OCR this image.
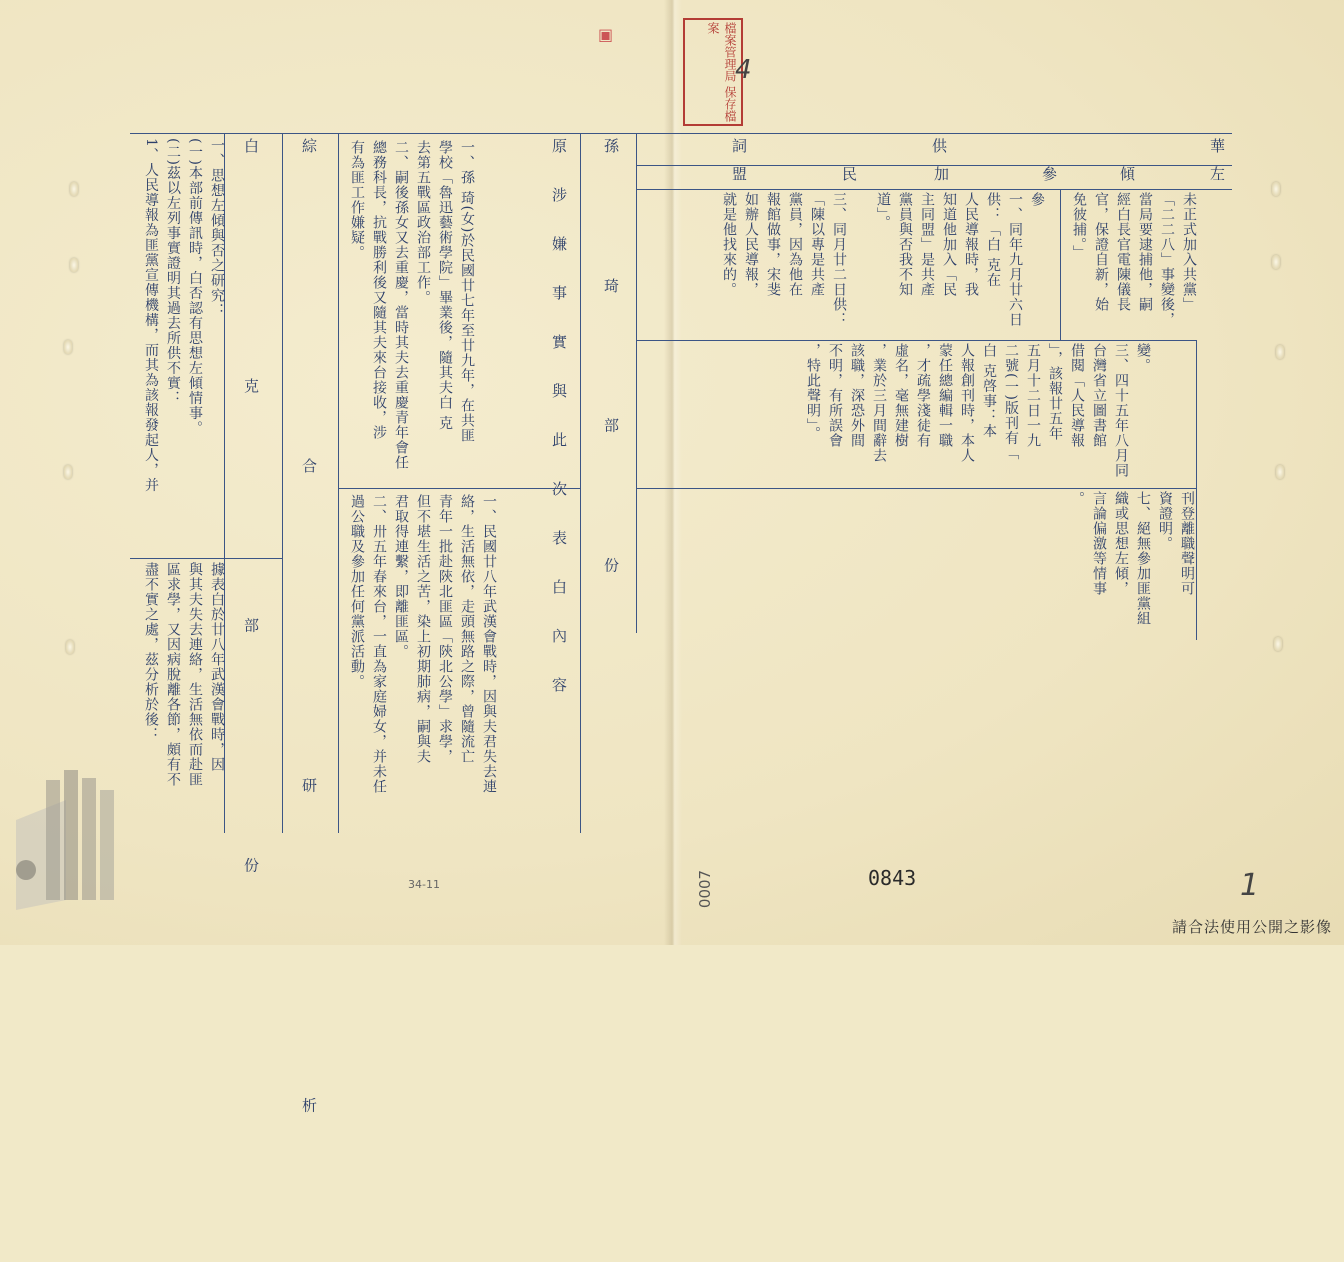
檔案管理局 保存檔案
▣
4
華
供
詞
左
傾
參
加
民
盟
孫 琦 部 份	未正式加入共黨」
「二二八」事變後，
當局要逮捕他，嗣
經白長官電陳儀長
官，保證自新，始
免彼捕。」
參
一、同年九月廿六日
供：「白 克在
人民導報時，我
知道他加入「民
主同盟」是共產
黨員與否我不知
道」。
三、同月廿二日供：
「陳以專是共產
黨員，因為他在
報館做事，宋斐
如辦人民導報，
就是他找來的。
變。
三、四十五年八月同
台灣省立圖書館
借閱「人民導報
」，該報廿五年
五月十二日一九
二號(一)版刊有「
白 克啓事：本
人報創刊時，本人
蒙任總編輯一職
，才疏學淺徒有
虛名，毫無建樹
，業於三月間辭去
該職，深恐外間
不明，有所誤會
，特此聲明」。
刊登離職聲明可
資證明。
七、絕無參加匪黨組
織或思想左傾，
言論偏激等情事
。
原涉嫌事實與此次表白內容
一、孫 琦(女)於民國廿七年至廿九年，在共匪
學校「魯迅藝術學院」畢業後，隨其夫白 克
去第五戰區政治部工作。
二、嗣後孫女又去重慶，當時其夫去重慶青年會任
總務科長，抗戰勝利後又隨其夫來台接收，涉
有為匪工作嫌疑。
一、民國廿八年武漢會戰時，因與夫君失去連
絡，生活無依，走頭無路之際，曾隨流亡
青年一批赴陝北匪區「陝北公學」求學，
但不堪生活之苦，染上初期肺病，嗣與夫
君取得連繫，即離匪區。
二、卅五年春來台，一直為家庭婦女，并未任
過公職及參加任何黨派活動。
綜 合 研 析
白 克 部 份
一、思想左傾與否之研究：
(一)本部前傳訊時，白否認有思想左傾情事。
(二)茲以左列事實證明其過去所供不實：
1、人民導報為匪黨宣傳機構，而其為該報發起人，并
據表白於廿八年武漢會戰時，因
與其夫失去連絡，生活無依而赴匪
區求學，又因病脫離各節，頗有不
盡不實之處，茲分析於後：
0843
0007	1
34-11
請合法使用公開之影像
